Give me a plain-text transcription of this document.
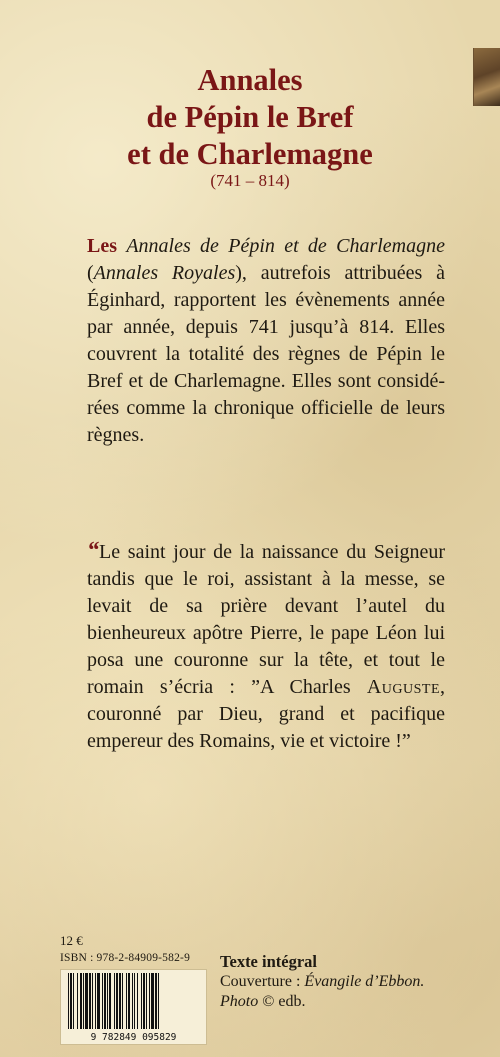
Annales
de Pépin le Bref
et de Charlemagne
(741 – 814)

Les Annales de Pépin et de Charlemagne (Annales Royales), autrefois attribuées à Éginhard, rapportent les évènements année par année, depuis 741 jusqu’à 814. Elles couvrent la totalité des règnes de Pépin le Bref et de Charlemagne. Elles sont considérées comme la chronique officielle de leurs règnes.

“Le saint jour de la naissance du Seigneur tandis que le roi, assistant à la messe, se levait de sa prière devant l’autel du bienheureux apôtre Pierre, le pape Léon lui posa une couronne sur la tête, et tout le romain s’écria : ”A Charles Auguste, couronné par Dieu, grand et pacifique empereur des Romains, vie et victoire !”

12 €
ISBN : 978-2-84909-582-9
9 782849 095829
Texte intégral
Couverture : Évangile d’Ebbon.
Photo © edb.
